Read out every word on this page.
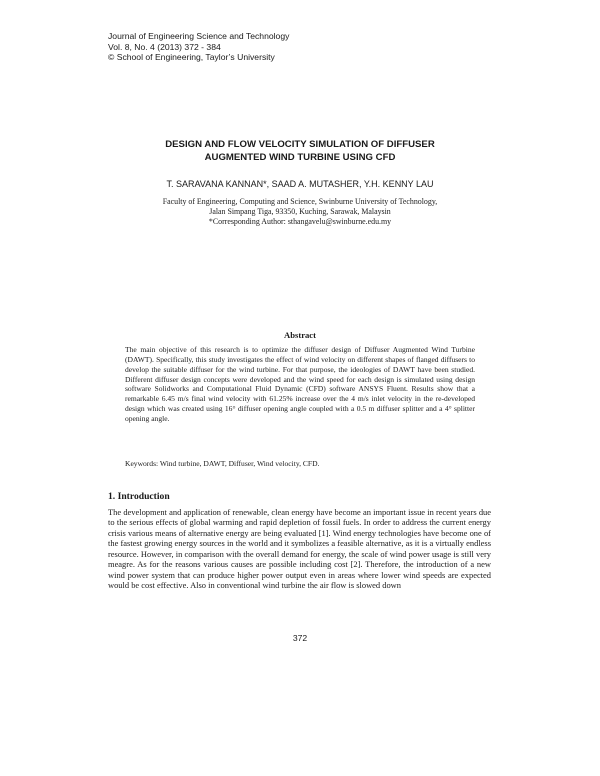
Journal of Engineering Science and Technology
Vol. 8, No. 4 (2013) 372 - 384
© School of Engineering, Taylor’s University
DESIGN AND FLOW VELOCITY SIMULATION OF DIFFUSER
AUGMENTED WIND TURBINE USING CFD
T. SARAVANA KANNAN*, SAAD A. MUTASHER, Y.H. KENNY LAU
Faculty of Engineering, Computing and Science, Swinburne University of Technology,
Jalan Simpang Tiga, 93350, Kuching, Sarawak, Malaysin
*Corresponding Author: sthangavelu@swinburne.edu.my
Abstract

The main objective of this research is to optimize the diffuser design of Diffuser Augmented Wind Turbine (DAWT). Specifically, this study investigates the effect of wind velocity on different shapes of flanged diffusers to develop the suitable diffuser for the wind turbine. For that purpose, the ideologies of DAWT have been studied. Different diffuser design concepts were developed and the wind speed for each design is simulated using design software Solidworks and Computational Fluid Dynamic (CFD) software ANSYS Fluent. Results show that a remarkable 6.45 m/s final wind velocity with 61.25% increase over the 4 m/s inlet velocity in the re-developed design which was created using 16° diffuser opening angle coupled with a 0.5 m diffuser splitter and a 4° splitter opening angle.

Keywords: Wind turbine, DAWT, Diffuser, Wind velocity, CFD.
1. Introduction

The development and application of renewable, clean energy have become an important issue in recent years due to the serious effects of global warming and rapid depletion of fossil fuels. In order to address the current energy crisis various means of alternative energy are being evaluated [1]. Wind energy technologies have become one of the fastest growing energy sources in the world and it symbolizes a feasible alternative, as it is a virtually endless resource. However, in comparison with the overall demand for energy, the scale of wind power usage is still very meagre. As for the reasons various causes are possible including cost [2]. Therefore, the introduction of a new wind power system that can produce higher power output even in areas where lower wind speeds are expected would be cost effective. Also in conventional wind turbine the air flow is slowed down

372
